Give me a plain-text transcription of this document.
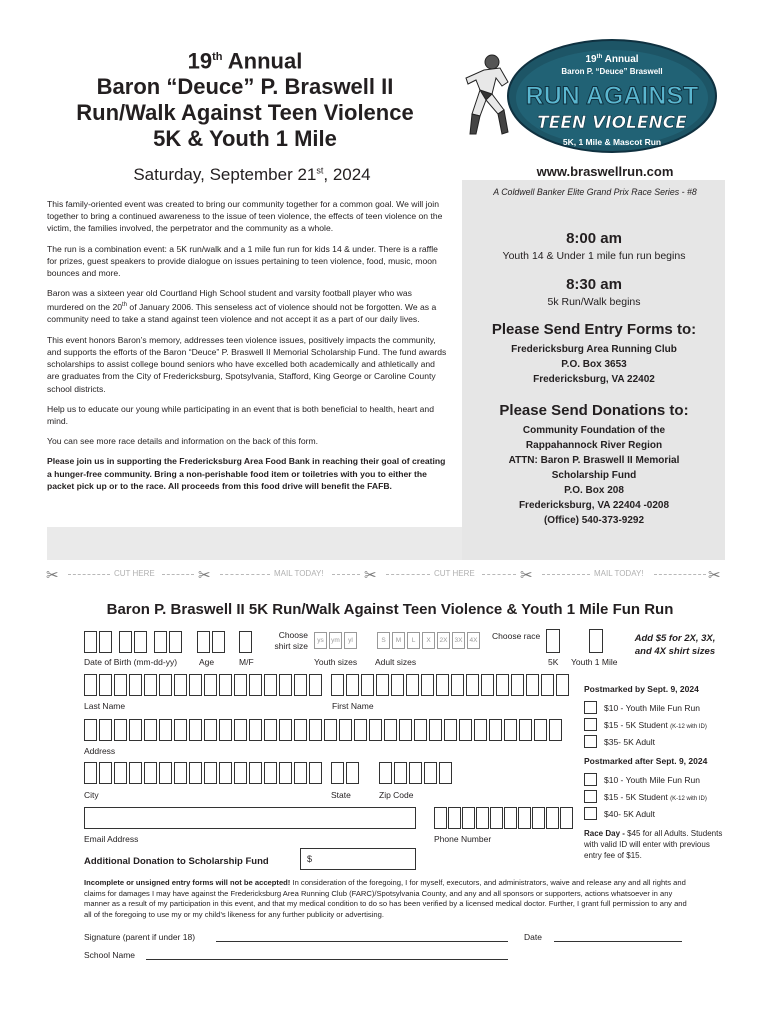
19th Annual
Baron “Deuce” P. Braswell II
Run/Walk Against Teen Violence
5K & Youth 1 Mile
Saturday, September 21st, 2024
19th Annual
Baron P. “Deuce” Braswell
RUN AGAINST
TEEN VIOLENCE
5K, 1 Mile & Mascot Run
www.braswellrun.com
A Coldwell Banker Elite Grand Prix Race Series - #8

This family-oriented event was created to bring our community together for a common goal. We will join together to bring a continued awareness to the issue of teen violence, the effects of teen violence on the victim, the families involved, the perpetrator and the community as a whole.

The run is a combination event: a 5K run/walk and a 1 mile fun run for kids 14 & under. There is a raffle for prizes, guest speakers to provide dialogue on issues pertaining to teen violence, food, music, moon bounces and more.

Baron was a sixteen year old Courtland High School student and varsity football player who was murdered on the 20th of January 2006. This senseless act of violence should not be forgotten. We as a community need to take a stand against teen violence and not accept it as a part of our daily lives.

This event honors Baron’s memory, addresses teen violence issues, positively impacts the community, and supports the efforts of the Baron “Deuce” P. Braswell II Memorial Scholarship Fund. The fund awards scholarships to assist college bound seniors who have excelled both academically and athletically and are graduates from the City of Fredericksburg, Spotsylvania, Stafford, King George or Caroline County school districts.

Help us to educate our young while participating in an event that is both beneficial to health, heart and mind.

You can see more race details and information on the back of this form.

Please join us in supporting the Fredericksburg Area Food Bank in reaching their goal of creating a hunger-free community. Bring a non-perishable food item or toiletries with you to either the packet pick up or to the race. All proceeds from this food drive will benefit the FAFB.

8:00 am
Youth 14 & Under 1 mile fun run begins
8:30 am
5k Run/Walk begins
Please Send Entry Forms to:
Fredericksburg Area Running Club
P.O. Box 3653
Fredericksburg, VA 22402
Please Send Donations to:
Community Foundation of the
Rappahannock River Region
ATTN: Baron P. Braswell II Memorial
Scholarship Fund
P.O. Box 208
Fredericksburg, VA 22404 -0208
(Office) 540-373-9292
✂	CUT HERE	✂	MAIL TODAY!	✂	CUT HERE	✂	MAIL TODAY!	✂
Baron P. Braswell II 5K Run/Walk Against Teen Violence & Youth 1 Mile Fun Run
Date of Birth (mm-dd-yy)	Age	M/F
Choose
shirt size
ys	ym	yl	S	M	L	X	2X	3X	4X Choose race
Youth sizes Adult sizes	5K Youth 1 Mile
Add $5 for 2X, 3X, and 4X shirt sizes
Last Name	First Name
Address
City	State	Zip Code
Email Address	Phone Number
Additional Donation to Scholarship Fund	$
Postmarked by Sept. 9, 2024
$10 - Youth Mile Fun Run
$15 - 5K Student (K-12 with ID)
$35- 5K Adult
Postmarked after Sept. 9, 2024
$10 - Youth Mile Fun Run
$15 - 5K Student (K-12 with ID)
$40- 5K Adult
Race Day - $45 for all Adults. Students with valid ID will enter with previous entry fee of $15.
Incomplete or unsigned entry forms will not be accepted! In consideration of the foregoing, I for myself, executors, and administrators, waive and release any and all rights and claims for damages I may have against the Fredericksburg Area Running Club (FARC)/Spotsylvania County, and any and all sponsors or supporters, actions whatsoever in any manner as a result of my participation in this event, and that my medical condition to do so has been verified by a licensed medical doctor. Further, I grant full permission to any and all of the foregoing to use my or my child’s likeness for any further publicity or advertising.
Signature (parent if under 18)	Date
School Name
